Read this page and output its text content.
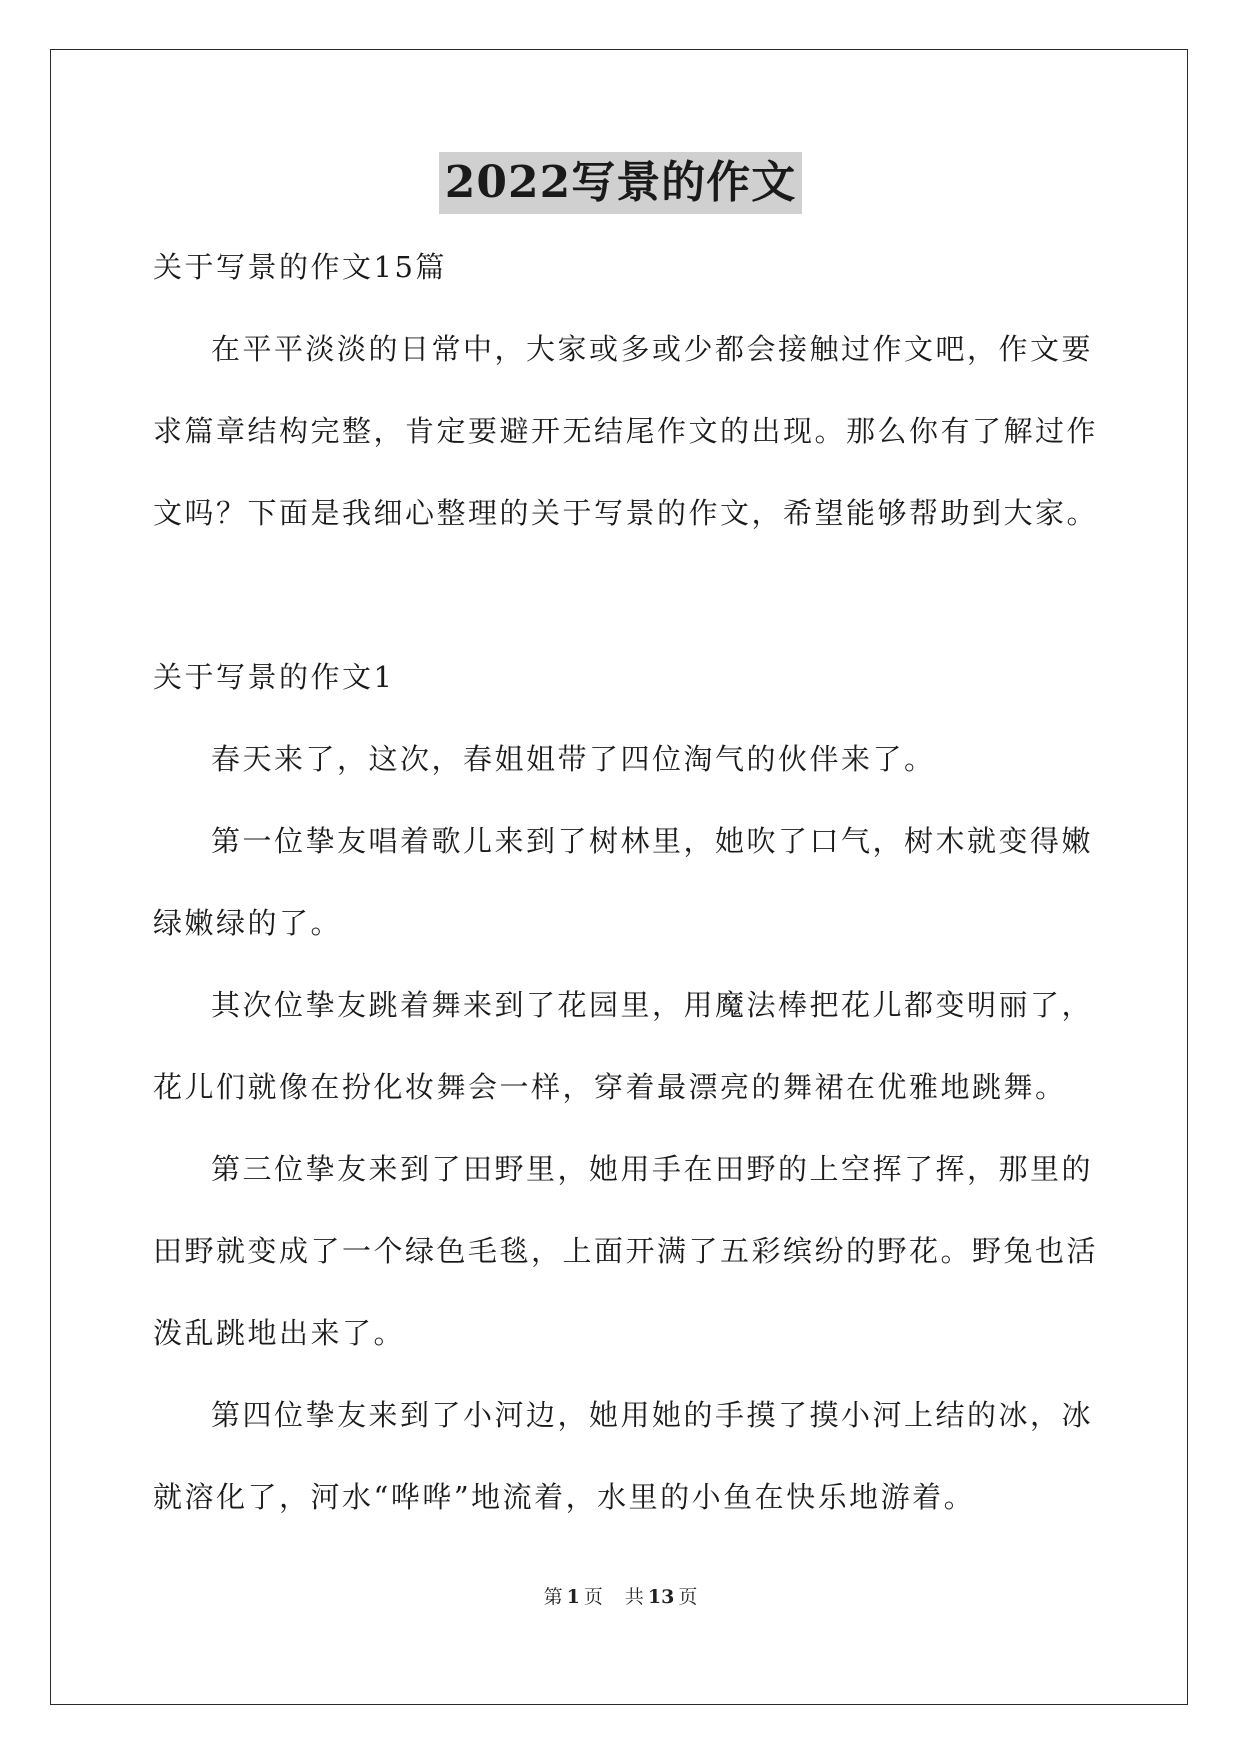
2022写景的作文

关于写景的作文15篇

在平平淡淡的日常中，大家或多或少都会接触过作文吧，作文要

求篇章结构完整，肯定要避开无结尾作文的出现。那么你有了解过作

文吗？下面是我细心整理的关于写景的作文，希望能够帮助到大家。

关于写景的作文1

春天来了，这次，春姐姐带了四位淘气的伙伴来了。

第一位挚友唱着歌儿来到了树林里，她吹了口气，树木就变得嫩

绿嫩绿的了。

其次位挚友跳着舞来到了花园里，用魔法棒把花儿都变明丽了，

花儿们就像在扮化妆舞会一样，穿着最漂亮的舞裙在优雅地跳舞。

第三位挚友来到了田野里，她用手在田野的上空挥了挥，那里的

田野就变成了一个绿色毛毯，上面开满了五彩缤纷的野花。野兔也活

泼乱跳地出来了。

第四位挚友来到了小河边，她用她的手摸了摸小河上结的冰，冰

就溶化了，河水“哗哗”地流着，水里的小鱼在快乐地游着。

第 1 页 共 13 页
